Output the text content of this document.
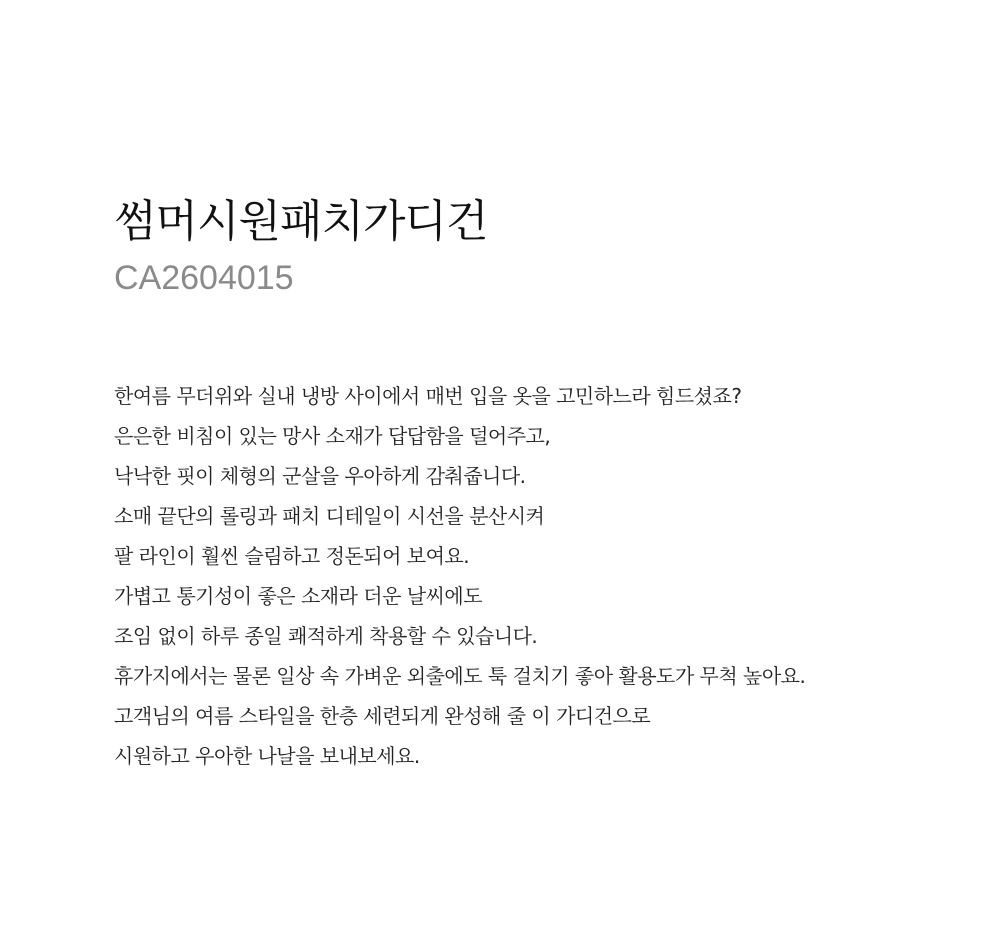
썸머시원패치가디건

CA2604015

한여름 무더위와 실내 냉방 사이에서 매번 입을 옷을 고민하느라 힘드셨죠?
은은한 비침이 있는 망사 소재가 답답함을 덜어주고,
낙낙한 핏이 체형의 군살을 우아하게 감춰줍니다.
소매 끝단의 롤링과 패치 디테일이 시선을 분산시켜
팔 라인이 훨씬 슬림하고 정돈되어 보여요.
가볍고 통기성이 좋은 소재라 더운 날씨에도
조임 없이 하루 종일 쾌적하게 착용할 수 있습니다.
휴가지에서는 물론 일상 속 가벼운 외출에도 툭 걸치기 좋아 활용도가 무척 높아요.
고객님의 여름 스타일을 한층 세련되게 완성해 줄 이 가디건으로
시원하고 우아한 나날을 보내보세요.
